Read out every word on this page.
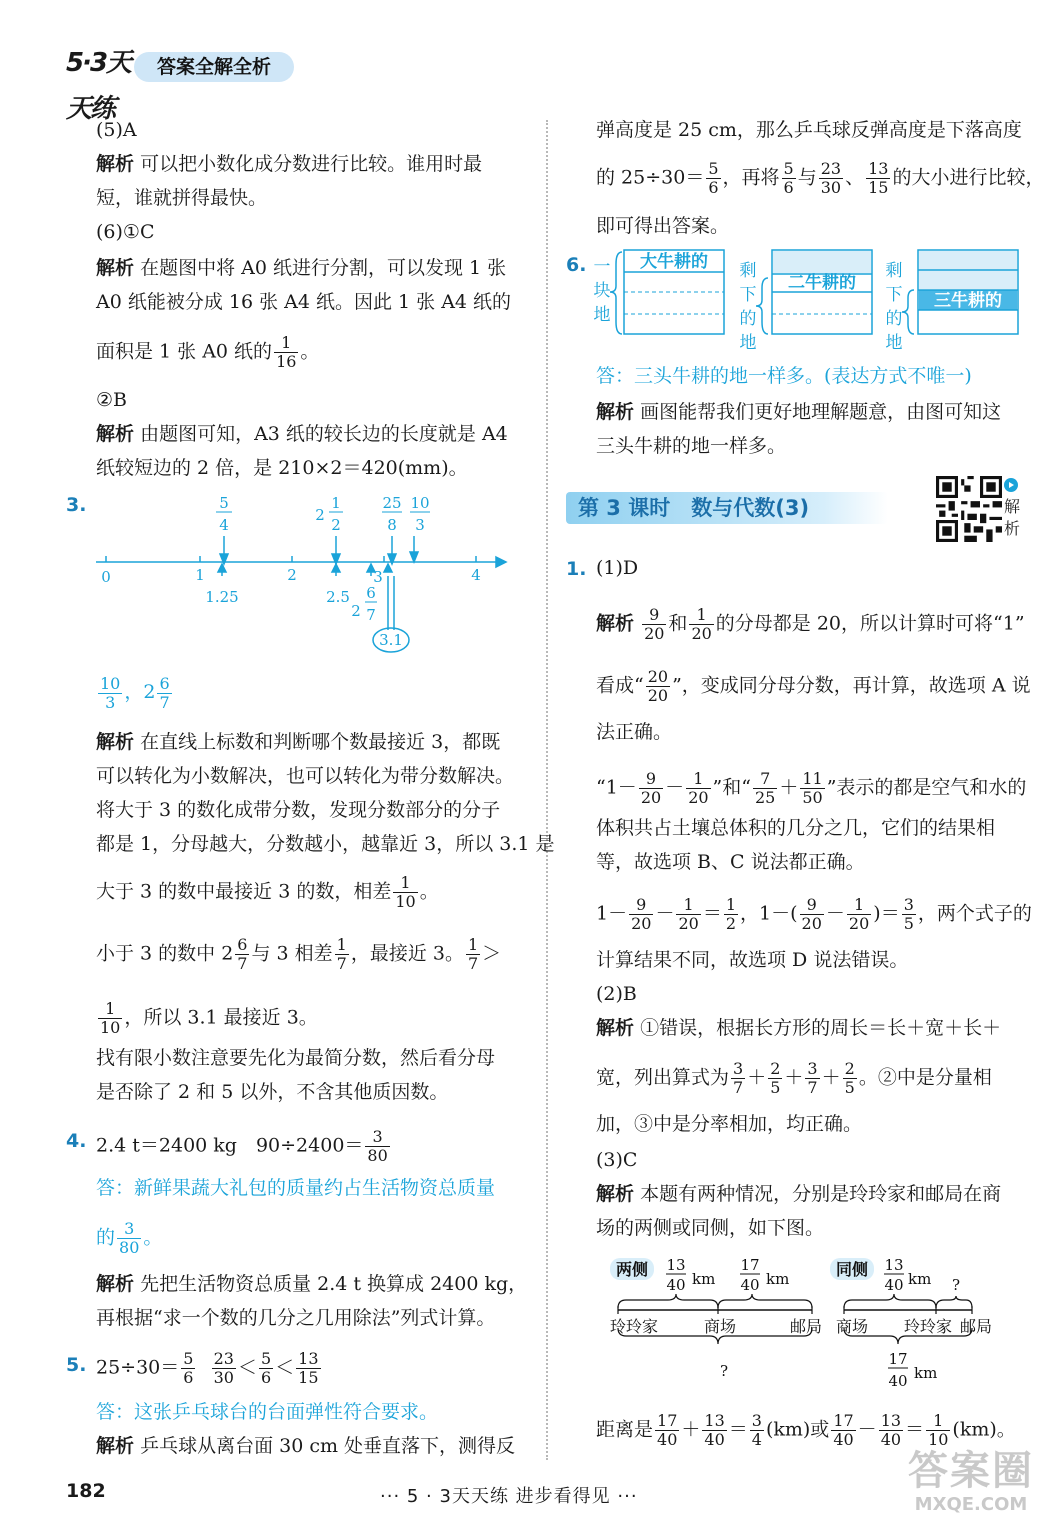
5·3天天练
答案全解全析
(5)A
解析 可以把小数化成分数进行比较。谁用时最
短，谁就拼得最快。
(6)①C
解析 在题图中将 A0 纸进行分割，可以发现 1 张
A0 纸能被分成 16 张 A4 纸。因此 1 张 A4 纸的
面积是 1 张 A0 纸的 $\frac{1}{16}$ 。
②B
解析 由题图可知，A3 纸的较长边的长度就是 A4
纸较短边的 2 倍，是 210×2＝420(mm)。
3.	5
4
2
1
2
25
8
10
3
0	1	2	3	4
1.25	2.5
2
6
7
3.1
$\frac{10}{3}$ ，$2 \frac{6}{7}$
解析 在直线上标数和判断哪个数最接近 3，都既
可以转化为小数解决，也可以转化为带分数解决。
将大于 3 的数化成带分数，发现分数部分的分子
都是 1，分母越大，分数越小，越靠近 3，所以 3.1 是
大于 3 的数中最接近 3 的数，相差 $\frac{1}{10}$ 。
小于 3 的数中 $2 \frac{6}{7}$ 与 3 相差 $\frac{1}{7}$ ，最接近 3。 $\frac{1}{7}$ ＞
$\frac{1}{10}$ ，所以 3.1 最接近 3。
找有限小数注意要先化为最简分数，然后看分母
是否除了 2 和 5 以外，不含其他质因数。
4. 2.4 t＝2400 kg　$90\div 2400= \frac{3}{80}$
答：新鲜果蔬大礼包的质量约占生活物资总质量
的 $\frac{3}{80}$ 。
解析 先把生活物资总质量 2.4 t 换算成 2400 kg，
再根据“求一个数的几分之几用除法”列式计算。
5. $25\div 30= \frac{5}{6}$
$\frac{23}{30} < \frac{5}{6} < \frac{13}{15}$
答：这张乒乓球台的台面弹性符合要求。
解析 乒乓球从离台面 30 cm 处垂直落下，测得反
弹高度是 25 cm，那么乒乓球反弹高度是下落高度
的 $25\div 30= \frac{5}{6}$ ，再将 $\frac{5}{6}$ 与 $\frac{23}{30}$ 、 $\frac{13}{15}$ 的大小进行比较，
即可得出答案。
6. 一
块
地
剩
下
的
地
剩
下
的
地
大牛耕的
二牛耕的
三牛耕的
答：三头牛耕的地一样多。(表达方式不唯一)
解析 画图能帮我们更好地理解题意，由图可知这
三头牛耕的地一样多。
第 3 课时　数与代数(3)	解析
1. (1)D
解析 $\frac{9}{20}$ 和 $\frac{1}{20}$ 的分母都是 20，所以计算时可将“1”
看成“ $\frac{20}{20}$ ”，变成同分母分数，再计算，故选项 A 说
法正确。
“$1- \frac{9}{20} - \frac{1}{20}$ ”和“ $\frac{7}{25} + \frac{11}{50}$ ”表示的都是空气和水的
体积共占土壤总体积的几分之几，它们的结果相
等，故选项 B、C 说法都正确。
$1- \frac{9}{20} - \frac{1}{20} = \frac{1}{2}$ ，$1-( \frac{9}{20} - \frac{1}{20}$ )＝ $\frac{3}{5}$ ，两个式子的
计算结果不同，故选项 D 说法错误。
(2)B
解析 ①错误，根据长方形的周长＝长＋宽＋长＋
宽，列出算式为 $\frac{3}{7} + \frac{2}{5} + \frac{3}{7} + \frac{2}{5}$ 。②中是分量相
加，③中是分率相加，均正确。
(3)C
解析 本题有两种情况，分别是玲玲家和邮局在商
场的两侧或同侧，如下图。
两侧	同侧
13
40 km
17
40 km
13
40 km ?
?
17
40 km
玲玲家	商场	邮局 商场 玲玲家 邮局
距离是 $\frac{17}{40} + \frac{13}{40} = \frac{3}{4} (km)$或 $\frac{17}{40} - \frac{13}{40} = \frac{1}{10} (km)$。
182	··· 5 · 3天天练 进步看得见 ···
答案圈
MXQE.COM
